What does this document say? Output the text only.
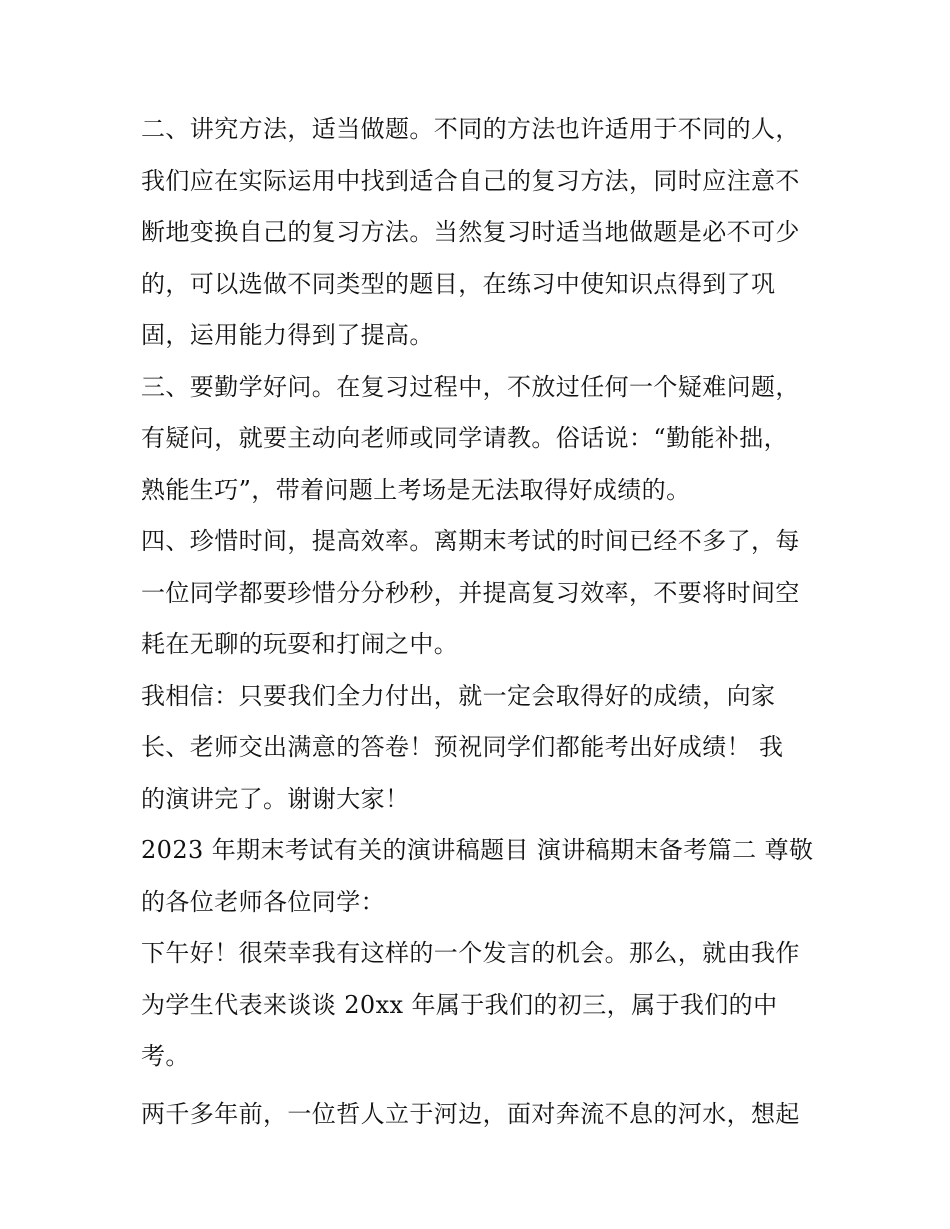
二、讲究方法，适当做题。不同的方法也许适用于不同的人，
我们应在实际运用中找到适合自己的复习方法，同时应注意不
断地变换自己的复习方法。当然复习时适当地做题是必不可少
的，可以选做不同类型的题目，在练习中使知识点得到了巩
固，运用能力得到了提高。
三、要勤学好问。在复习过程中，不放过任何一个疑难问题，
有疑问，就要主动向老师或同学请教。俗话说：“勤能补拙，
熟能生巧”，带着问题上考场是无法取得好成绩的。
四、珍惜时间，提高效率。离期末考试的时间已经不多了，每
一位同学都要珍惜分分秒秒，并提高复习效率，不要将时间空
耗在无聊的玩耍和打闹之中。
我相信：只要我们全力付出，就一定会取得好的成绩，向家
长、老师交出满意的答卷！预祝同学们都能考出好成绩！ 我
的演讲完了。谢谢大家！
2023 年期末考试有关的演讲稿题目 演讲稿期末备考篇二 尊敬
的各位老师各位同学：
下午好！很荣幸我有这样的一个发言的机会。那么，就由我作
为学生代表来谈谈 20xx 年属于我们的初三，属于我们的中
考。
两千多年前，一位哲人立于河边，面对奔流不息的河水，想起
